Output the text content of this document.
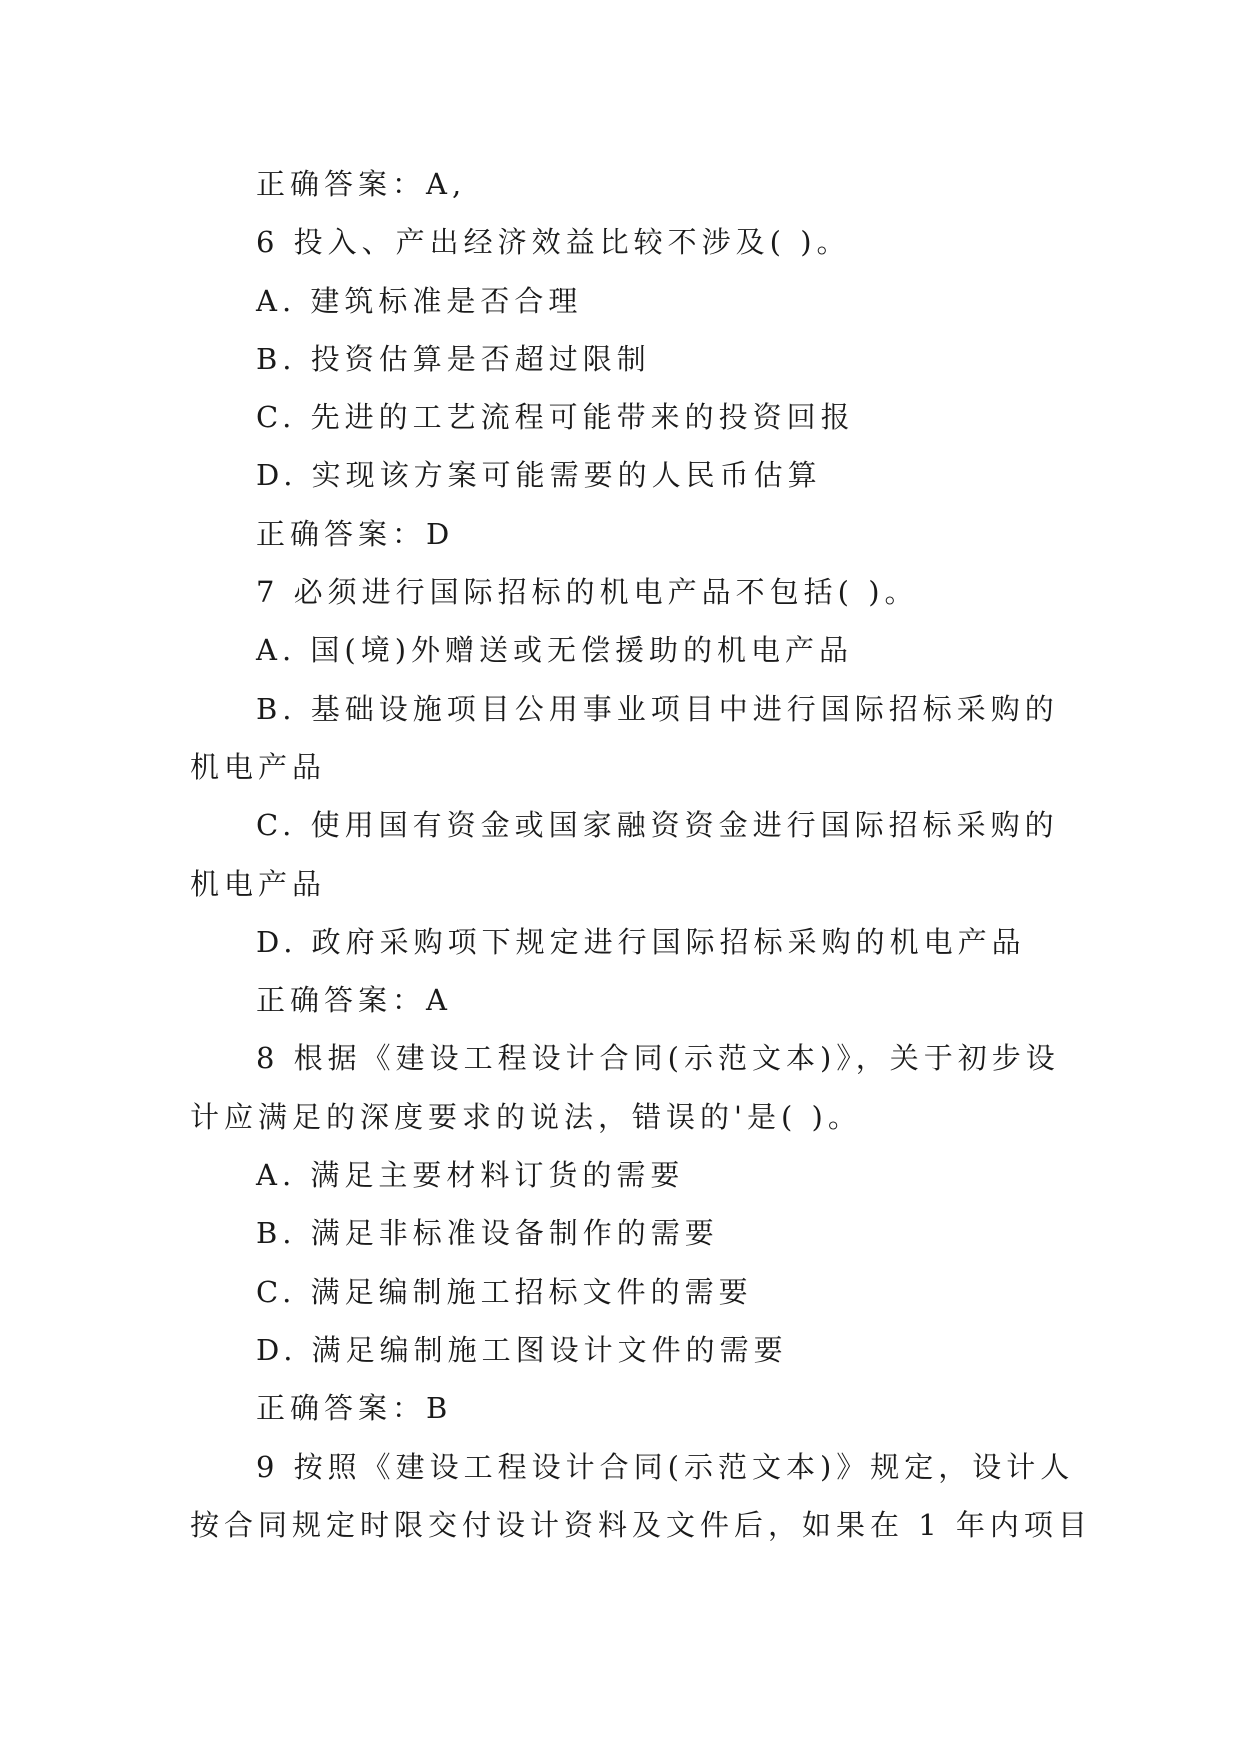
正确答案：A,
6 投入、产出经济效益比较不涉及( )。
A. 建筑标准是否合理
B. 投资估算是否超过限制
C. 先进的工艺流程可能带来的投资回报
D. 实现该方案可能需要的人民币估算
正确答案：D
7 必须进行国际招标的机电产品不包括( )。
A. 国(境)外赠送或无偿援助的机电产品
B. 基础设施项目公用事业项目中进行国际招标采购的
机电产品
C. 使用国有资金或国家融资资金进行国际招标采购的
机电产品
D. 政府采购项下规定进行国际招标采购的机电产品
正确答案：A
8 根据《建设工程设计合同(示范文本)》，关于初步设
计应满足的深度要求的说法，错误的'是( )。
A. 满足主要材料订货的需要
B. 满足非标准设备制作的需要
C. 满足编制施工招标文件的需要
D. 满足编制施工图设计文件的需要
正确答案：B
9 按照《建设工程设计合同(示范文本)》规定，设计人
按合同规定时限交付设计资料及文件后，如果在 1 年内项目
